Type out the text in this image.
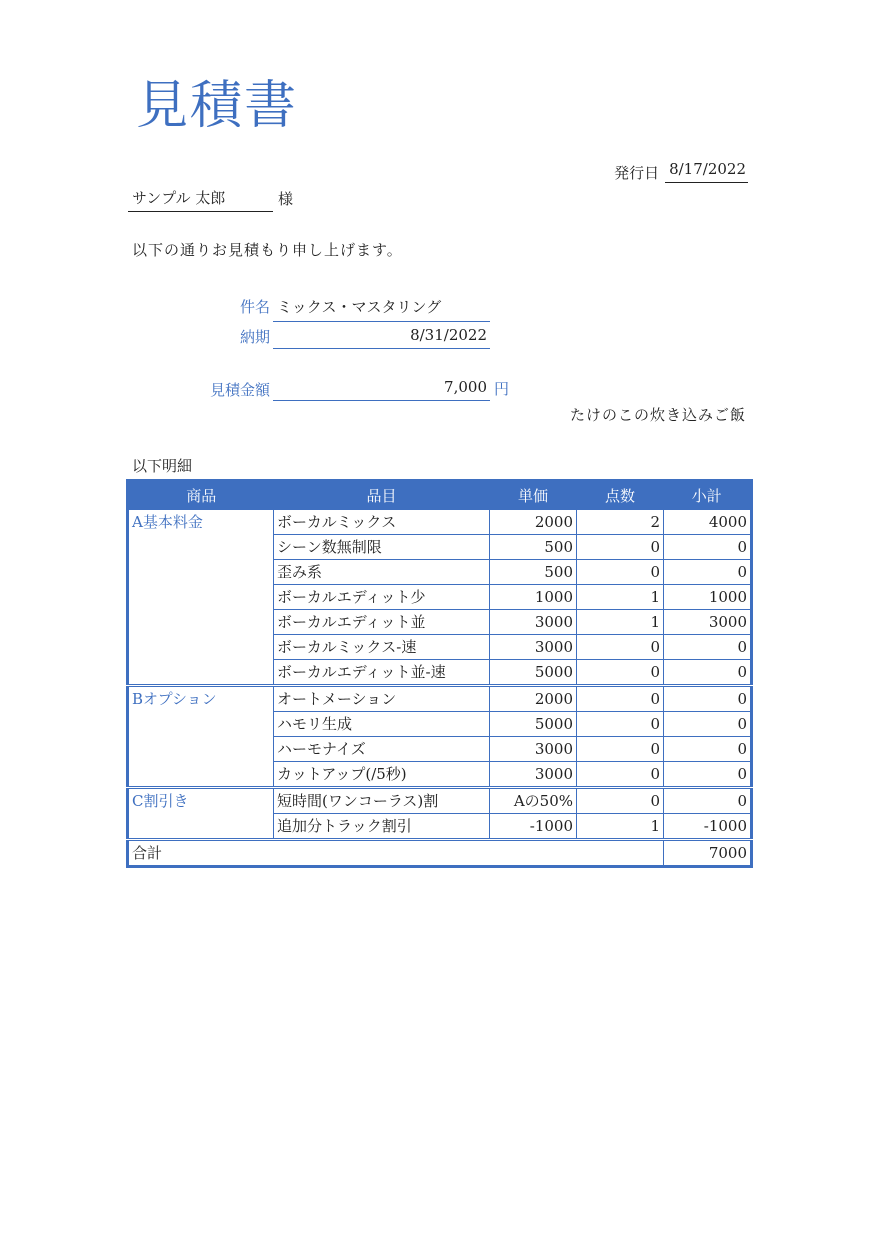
見積書
発行日 8/17/2022
サンプル 太郎	様
以下の通りお見積もり申し上げます。
件名 ミックス・マスタリング
納期	8/31/2022
見積金額	7,000 円
たけのこの炊き込みご飯
以下明細
商品	品目	単価	点数	小計
A基本料金	ボーカルミックス	2000	2	4000
	シーン数無制限	500	0	0
	歪み系	500	0	0
	ボーカルエディット少	1000	1	1000
	ボーカルエディット並	3000	1	3000
	ボーカルミックス-速	3000	0	0
	ボーカルエディット並-速	5000	0	0
Bオプション	オートメーション	2000	0	0
	ハモリ生成	5000	0	0
	ハーモナイズ	3000	0	0
	カットアップ(/5秒)	3000	0	0
C割引き	短時間(ワンコーラス)割	Aの50%	0	0
	追加分トラック割引	-1000	1	-1000
合計				7000
